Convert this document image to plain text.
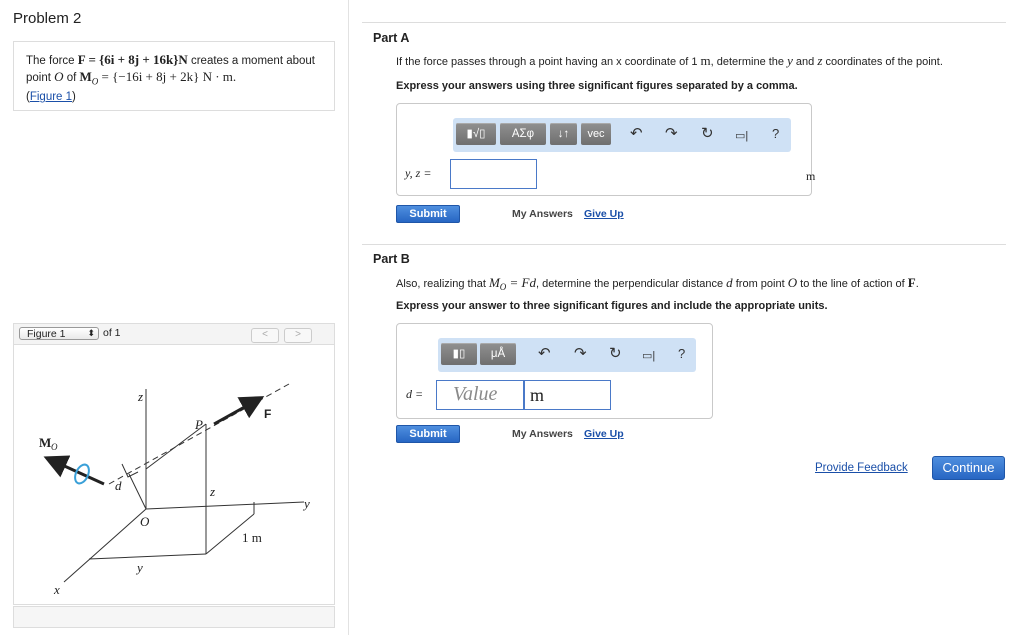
Problem 2
The force F = {6i + 8j + 16k}N creates a moment about point O of $M_O = \{-16i + 8j + 2k\} N \cdot m$.
(Figure 1)
Figure 1 ⬍ of 1	<	>
M O
z
P
F
d	z
O
y
1 m
y
x
Part A
If the force passes through a point having an x coordinate of 1 m, determine the y and z coordinates of the point.
Express your answers using three significant figures separated by a comma.
▮√▯	ΑΣφ	↓↑	vec	↶ ↷ ↻ ▭| ?
y, z =	m
Submit	My Answers Give Up
Part B
Also, realizing that $M_O = Fd$, determine the perpendicular distance d from point O to the line of action of F.
Express your answer to three significant figures and include the appropriate units.
▮▯	μÅ	↶ ↷ ↻ ▭| ?
d = Value m
Submit	My Answers Give Up
Provide Feedback	Continue
